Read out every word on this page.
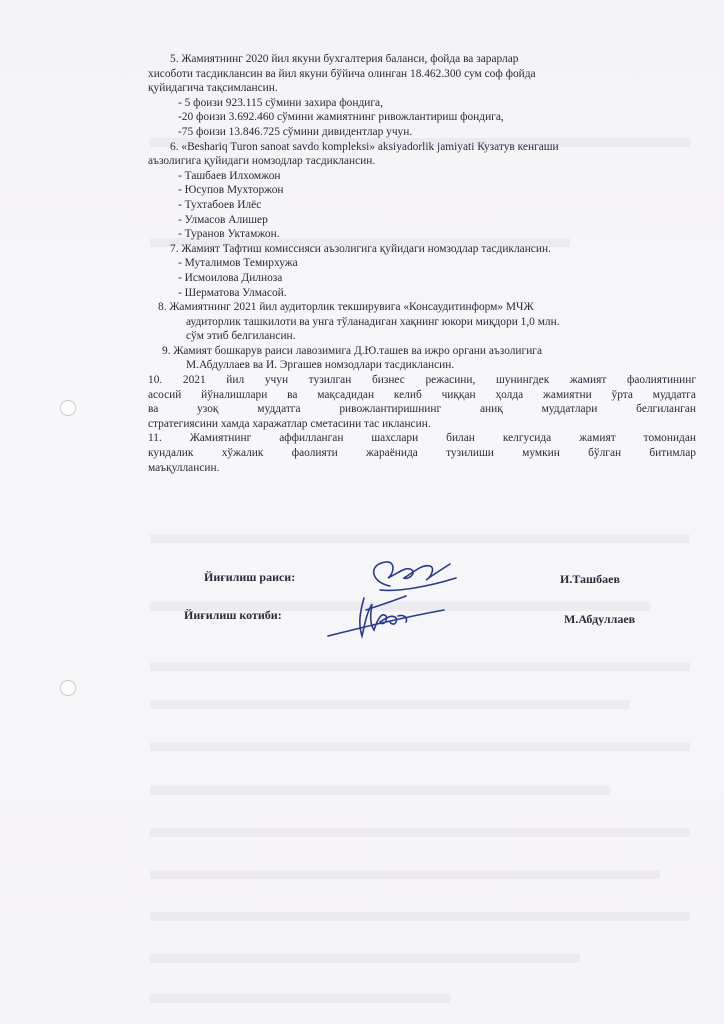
5. Жамиятнинг 2020 йил якуни бухгалтерия баланси, фойда ва зарарлар
хисоботи тасдиклансин ва йил якуни бўйича олинган 18.462.300 сум соф фойда
қуйидагича тақсимлансин.
- 5 фоизи 923.115 сўмини захира фондига,
-20 фоизи 3.692.460 сўмини жамиятнинг ривожлантириш фондига,
-75 фоизи 13.846.725 сўмини дивидентлар учун.
6. «Beshariq Turon sanoat savdo kompleksi» aksiyadorlik jamiyati Кузатув кенгаши
аъзолигига қуйидаги номзодлар тасдиклансин.
- Ташбаев Илхомжон
- Юсупов Мухторжон
- Тухтабоев Илёс
- Улмасов Алишер
- Туранов Уктамжон.
7. Жамият Тафтиш комиссияси аъзолигига қуйидаги номзодлар тасдиклансин.
- Муталимов Темирхужа
- Исмоилова Дилноза
- Шерматова Улмасой.
8. Жамиятнинг 2021 йил аудиторлик текширувига «Консаудитинформ» МЧЖ
аудиторлик ташкилоти ва унга тўланадиган хақнинг юкори миқдори 1,0 млн.
сўм этиб белгилансин.
9. Жамият бошкарув раиси лавозимига Д.Ю.ташев ва ижро органи аъзолигига
М.Абдуллаев ва И. Эргашев номзодлари тасдиклансин.
10. 2021 йил учун тузилган бизнес режасини, шунингдек жамият фаолиятининг
асосий йўналишлари ва мақсадидан келиб чиққан ҳолда жамиятни ўрта муддатга
ва узоқ муддатга ривожлантиришнинг аниқ муддатлари белгиланган
стратегиясини хамда харажатлар сметасини тас иклансин.
11. Жамиятнинг аффилланган шахслари билан келгусида жамият томонидан
кундалик хўжалик фаолияти жараёнида тузилиши мумкин бўлган битимлар
маъқуллансин.
Йиғилиш раиси:	И.Ташбаев
Йиғилиш котиби:	М.Абдуллаев
